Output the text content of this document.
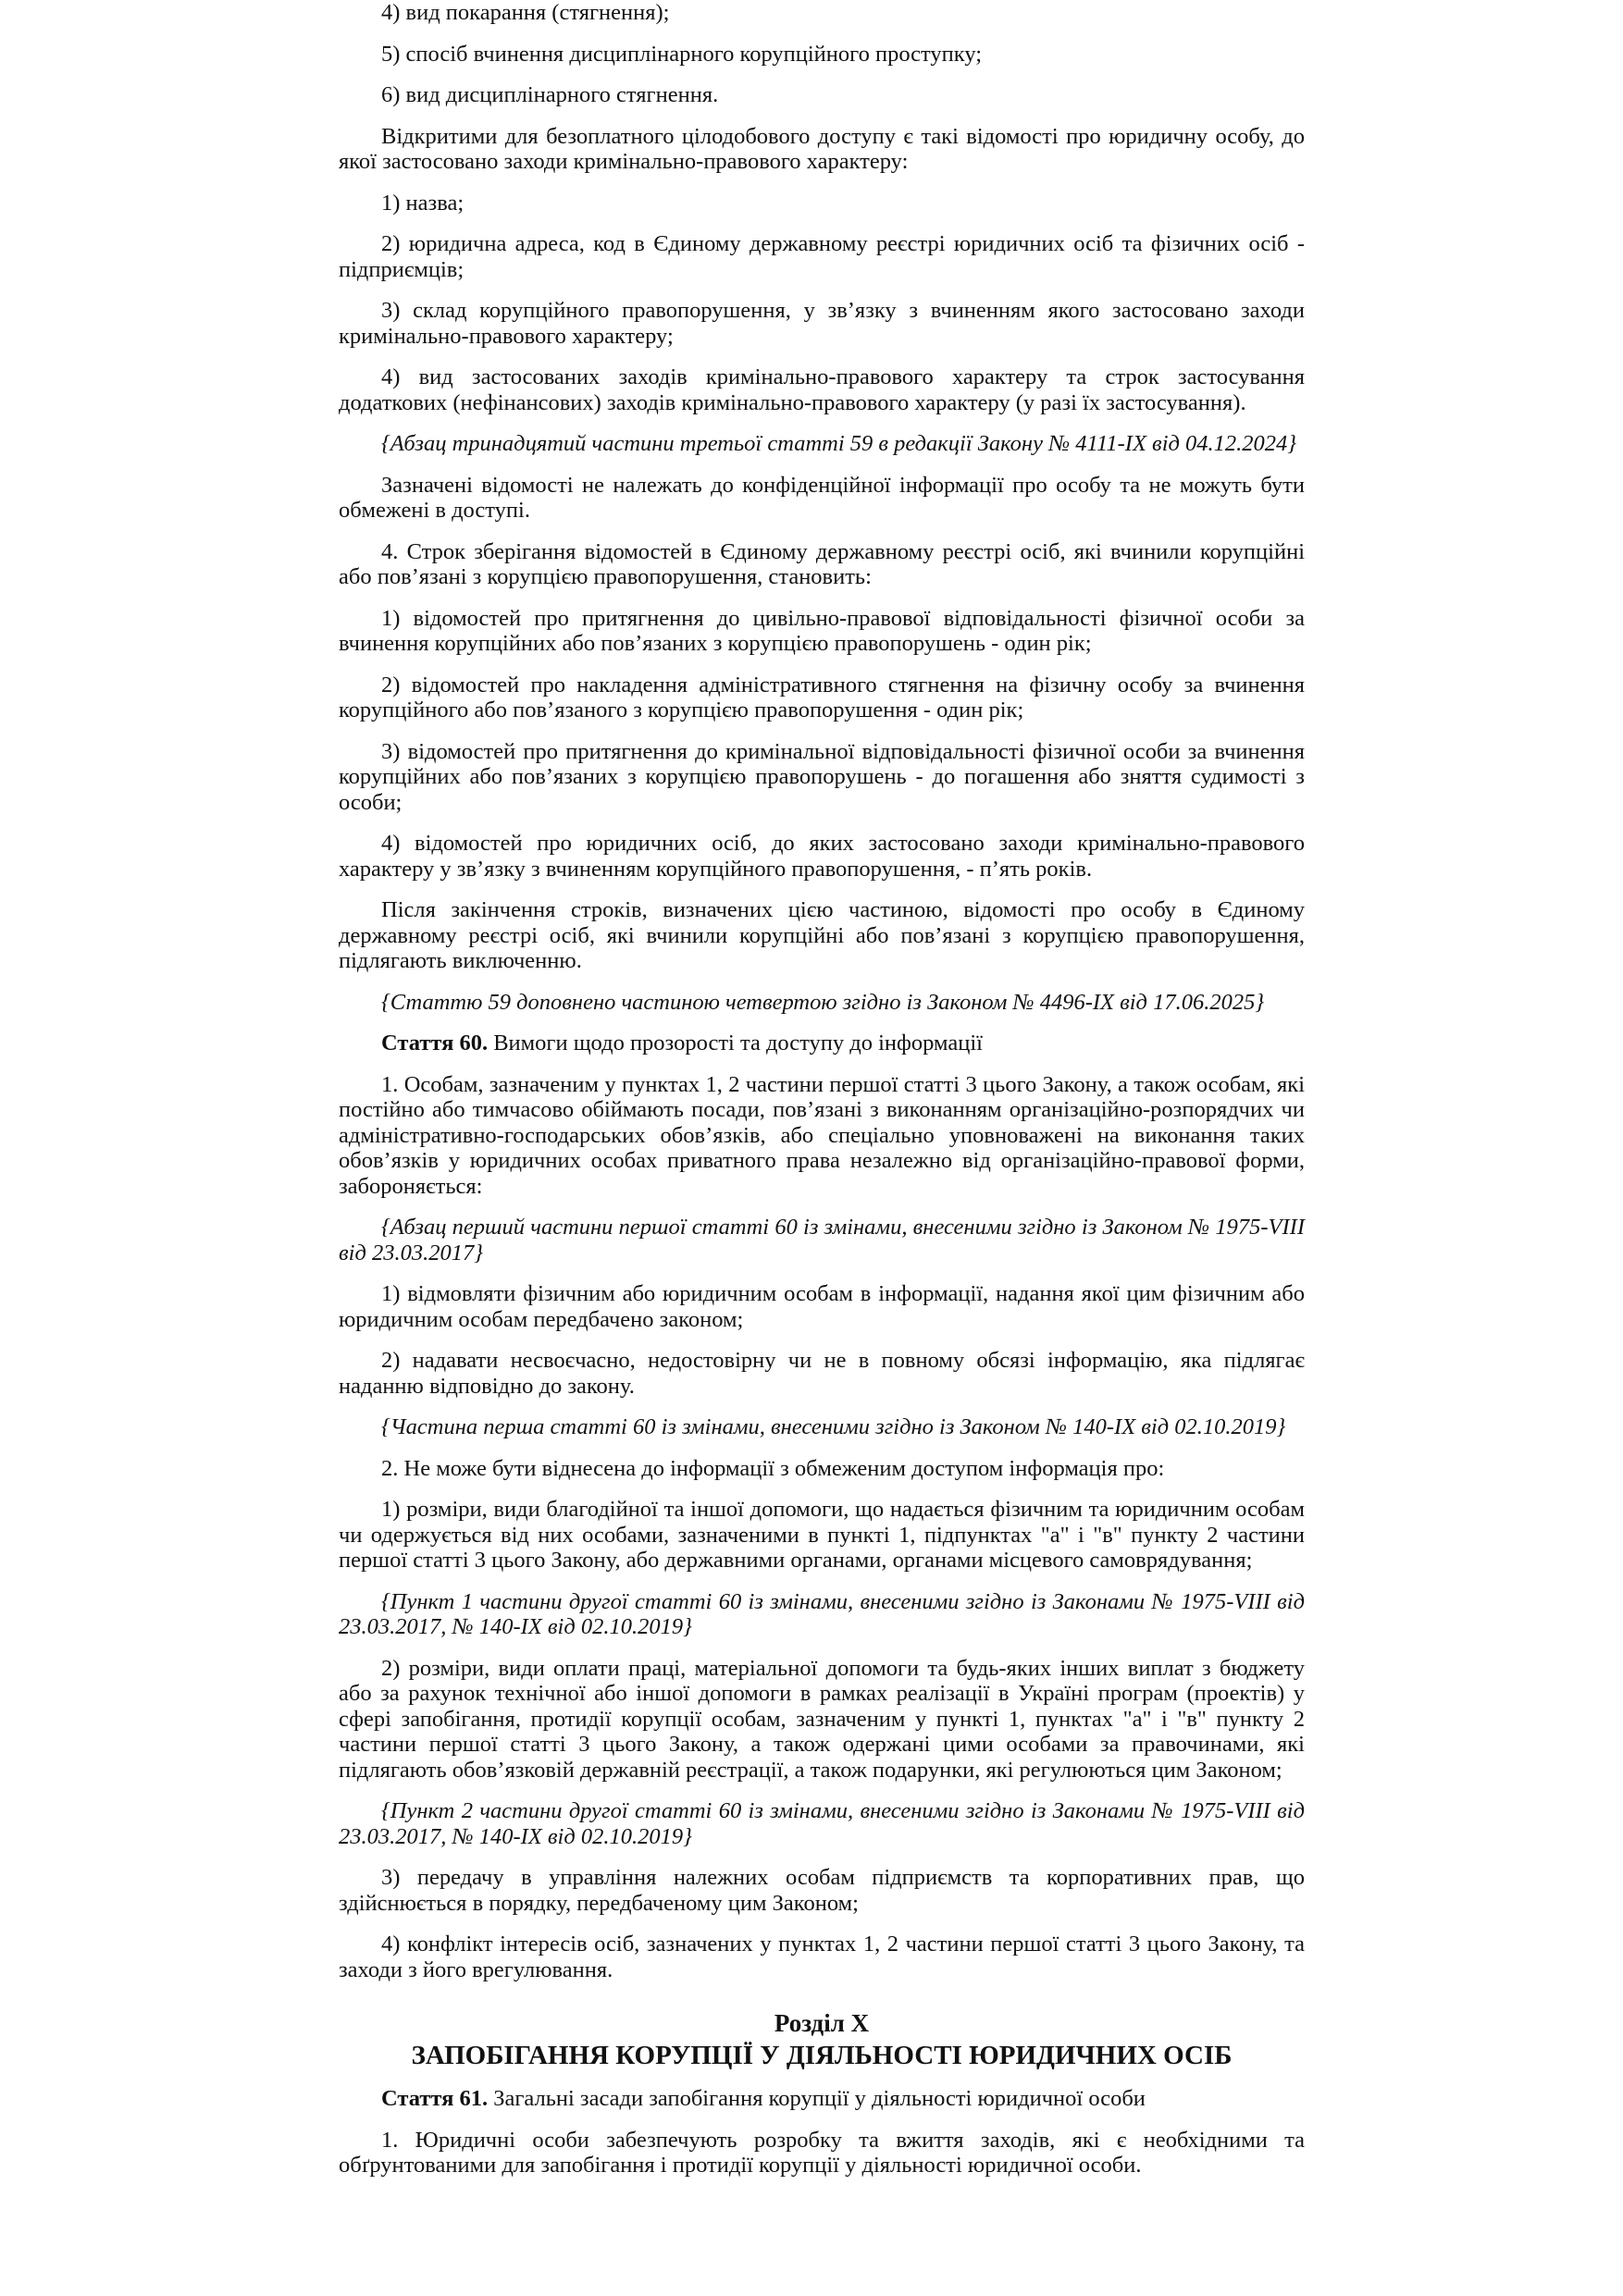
4) вид покарання (стягнення);

5) спосіб вчинення дисциплінарного корупційного проступку;

6) вид дисциплінарного стягнення.

Відкритими для безоплатного цілодобового доступу є такі відомості про юридичну особу, до якої застосовано заходи кримінально-правового характеру:

1) назва;

2) юридична адреса, код в Єдиному державному реєстрі юридичних осіб та фізичних осіб - підприємців;

3) склад корупційного правопорушення, у зв’язку з вчиненням якого застосовано заходи кримінально-правового характеру;

4) вид застосованих заходів кримінально-правового характеру та строк застосування додаткових (нефінансових) заходів кримінально-правового характеру (у разі їх застосування).

{Абзац тринадцятий частини третьої статті 59 в редакції Закону № 4111-IX від 04.12.2024}

Зазначені відомості не належать до конфіденційної інформації про особу та не можуть бути обмежені в доступі.

4. Строк зберігання відомостей в Єдиному державному реєстрі осіб, які вчинили корупційні або пов’язані з корупцією правопорушення, становить:

1) відомостей про притягнення до цивільно-правової відповідальності фізичної особи за вчинення корупційних або пов’язаних з корупцією правопорушень - один рік;

2) відомостей про накладення адміністративного стягнення на фізичну особу за вчинення корупційного або пов’язаного з корупцією правопорушення - один рік;

3) відомостей про притягнення до кримінальної відповідальності фізичної особи за вчинення корупційних або пов’язаних з корупцією правопорушень - до погашення або зняття судимості з особи;

4) відомостей про юридичних осіб, до яких застосовано заходи кримінально-правового характеру у зв’язку з вчиненням корупційного правопорушення, - п’ять років.

Після закінчення строків, визначених цією частиною, відомості про особу в Єдиному державному реєстрі осіб, які вчинили корупційні або пов’язані з корупцією правопорушення, підлягають виключенню.

{Статтю 59 доповнено частиною четвертою згідно із Законом № 4496-IX від 17.06.2025}

Стаття 60. Вимоги щодо прозорості та доступу до інформації

1. Особам, зазначеним у пунктах 1, 2 частини першої статті 3 цього Закону, а також особам, які постійно або тимчасово обіймають посади, пов’язані з виконанням організаційно-розпорядчих чи адміністративно-господарських обов’язків, або спеціально уповноважені на виконання таких обов’язків у юридичних особах приватного права незалежно від організаційно-правової форми, забороняється:

{Абзац перший частини першої статті 60 із змінами, внесеними згідно із Законом № 1975-VIII від 23.03.2017}

1) відмовляти фізичним або юридичним особам в інформації, надання якої цим фізичним або юридичним особам передбачено законом;

2) надавати несвоєчасно, недостовірну чи не в повному обсязі інформацію, яка підлягає наданню відповідно до закону.

{Частина перша статті 60 із змінами, внесеними згідно із Законом № 140-IX від 02.10.2019}

2. Не може бути віднесена до інформації з обмеженим доступом інформація про:

1) розміри, види благодійної та іншої допомоги, що надається фізичним та юридичним особам чи одержується від них особами, зазначеними в пункті 1, підпунктах "а" і "в" пункту 2 частини першої статті 3 цього Закону, або державними органами, органами місцевого самоврядування;

{Пункт 1 частини другої статті 60 із змінами, внесеними згідно із Законами № 1975-VIII від 23.03.2017, № 140-IX від 02.10.2019}

2) розміри, види оплати праці, матеріальної допомоги та будь-яких інших виплат з бюджету або за рахунок технічної або іншої допомоги в рамках реалізації в Україні програм (проектів) у сфері запобігання, протидії корупції особам, зазначеним у пункті 1, пунктах "а" і "в" пункту 2 частини першої статті 3 цього Закону, а також одержані цими особами за правочинами, які підлягають обов’язковій державній реєстрації, а також подарунки, які регулюються цим Законом;

{Пункт 2 частини другої статті 60 із змінами, внесеними згідно із Законами № 1975-VIII від 23.03.2017, № 140-IX від 02.10.2019}

3) передачу в управління належних особам підприємств та корпоративних прав, що здійснюється в порядку, передбаченому цим Законом;

4) конфлікт інтересів осіб, зазначених у пунктах 1, 2 частини першої статті 3 цього Закону, та заходи з його врегулювання.

Розділ X
ЗАПОБІГАННЯ КОРУПЦІЇ У ДІЯЛЬНОСТІ ЮРИДИЧНИХ ОСІБ

Стаття 61. Загальні засади запобігання корупції у діяльності юридичної особи

1. Юридичні особи забезпечують розробку та вжиття заходів, які є необхідними та обґрунтованими для запобігання і протидії корупції у діяльності юридичної особи.
